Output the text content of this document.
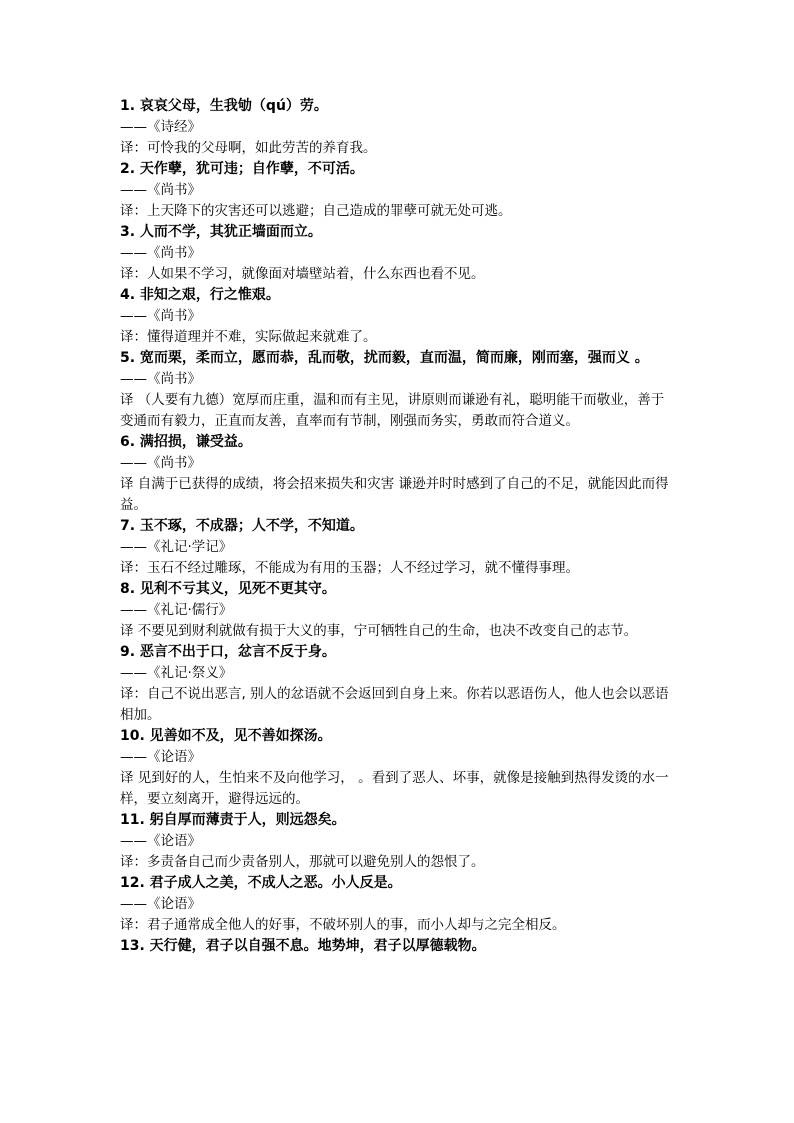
1. 哀哀父母，生我劬（qú）劳。
——《诗经》
译：可怜我的父母啊，如此劳苦的养育我。
2. 天作孽，犹可违；自作孽，不可活。
——《尚书》
译：上天降下的灾害还可以逃避；自己造成的罪孽可就无处可逃。
3. 人而不学，其犹正墙面而立。
——《尚书》
译：人如果不学习，就像面对墙壁站着，什么东西也看不见。
4. 非知之艰，行之惟艰。
——《尚书》
译：懂得道理并不难，实际做起来就难了。
5. 宽而栗，柔而立，愿而恭，乱而敬，扰而毅，直而温，简而廉，刚而塞，强而义 。
——《尚书》
译 （人要有九德）宽厚而庄重，温和而有主见，讲原则而谦逊有礼，聪明能干而敬业，善于变通而有毅力，正直而友善，直率而有节制，刚强而务实，勇敢而符合道义。
6. 满招损，谦受益。
——《尚书》
译 自满于已获得的成绩，将会招来损失和灾害 谦逊并时时感到了自己的不足，就能因此而得益。
7. 玉不琢，不成器；人不学，不知道。
——《礼记·学记》
译：玉石不经过雕琢，不能成为有用的玉器；人不经过学习，就不懂得事理。
8. 见利不亏其义，见死不更其守。
——《礼记·儒行》
译 不要见到财利就做有损于大义的事，宁可牺牲自己的生命，也决不改变自己的志节。
9. 恶言不出于口，忿言不反于身。
——《礼记·祭义》
译：自己不说出恶言, 别人的忿语就不会返回到自身上来。你若以恶语伤人，他人也会以恶语相加。
10. 见善如不及，见不善如探汤。
——《论语》
译 见到好的人，生怕来不及向他学习， 。看到了恶人、坏事，就像是接触到热得发烫的水一样，要立刻离开，避得远远的。
11. 躬自厚而薄责于人，则远怨矣。
——《论语》
译：多责备自己而少责备别人，那就可以避免别人的怨恨了。
12. 君子成人之美，不成人之恶。小人反是。
——《论语》
译：君子通常成全他人的好事，不破坏别人的事，而小人却与之完全相反。
13. 天行健，君子以自强不息。地势坤，君子以厚德载物。
